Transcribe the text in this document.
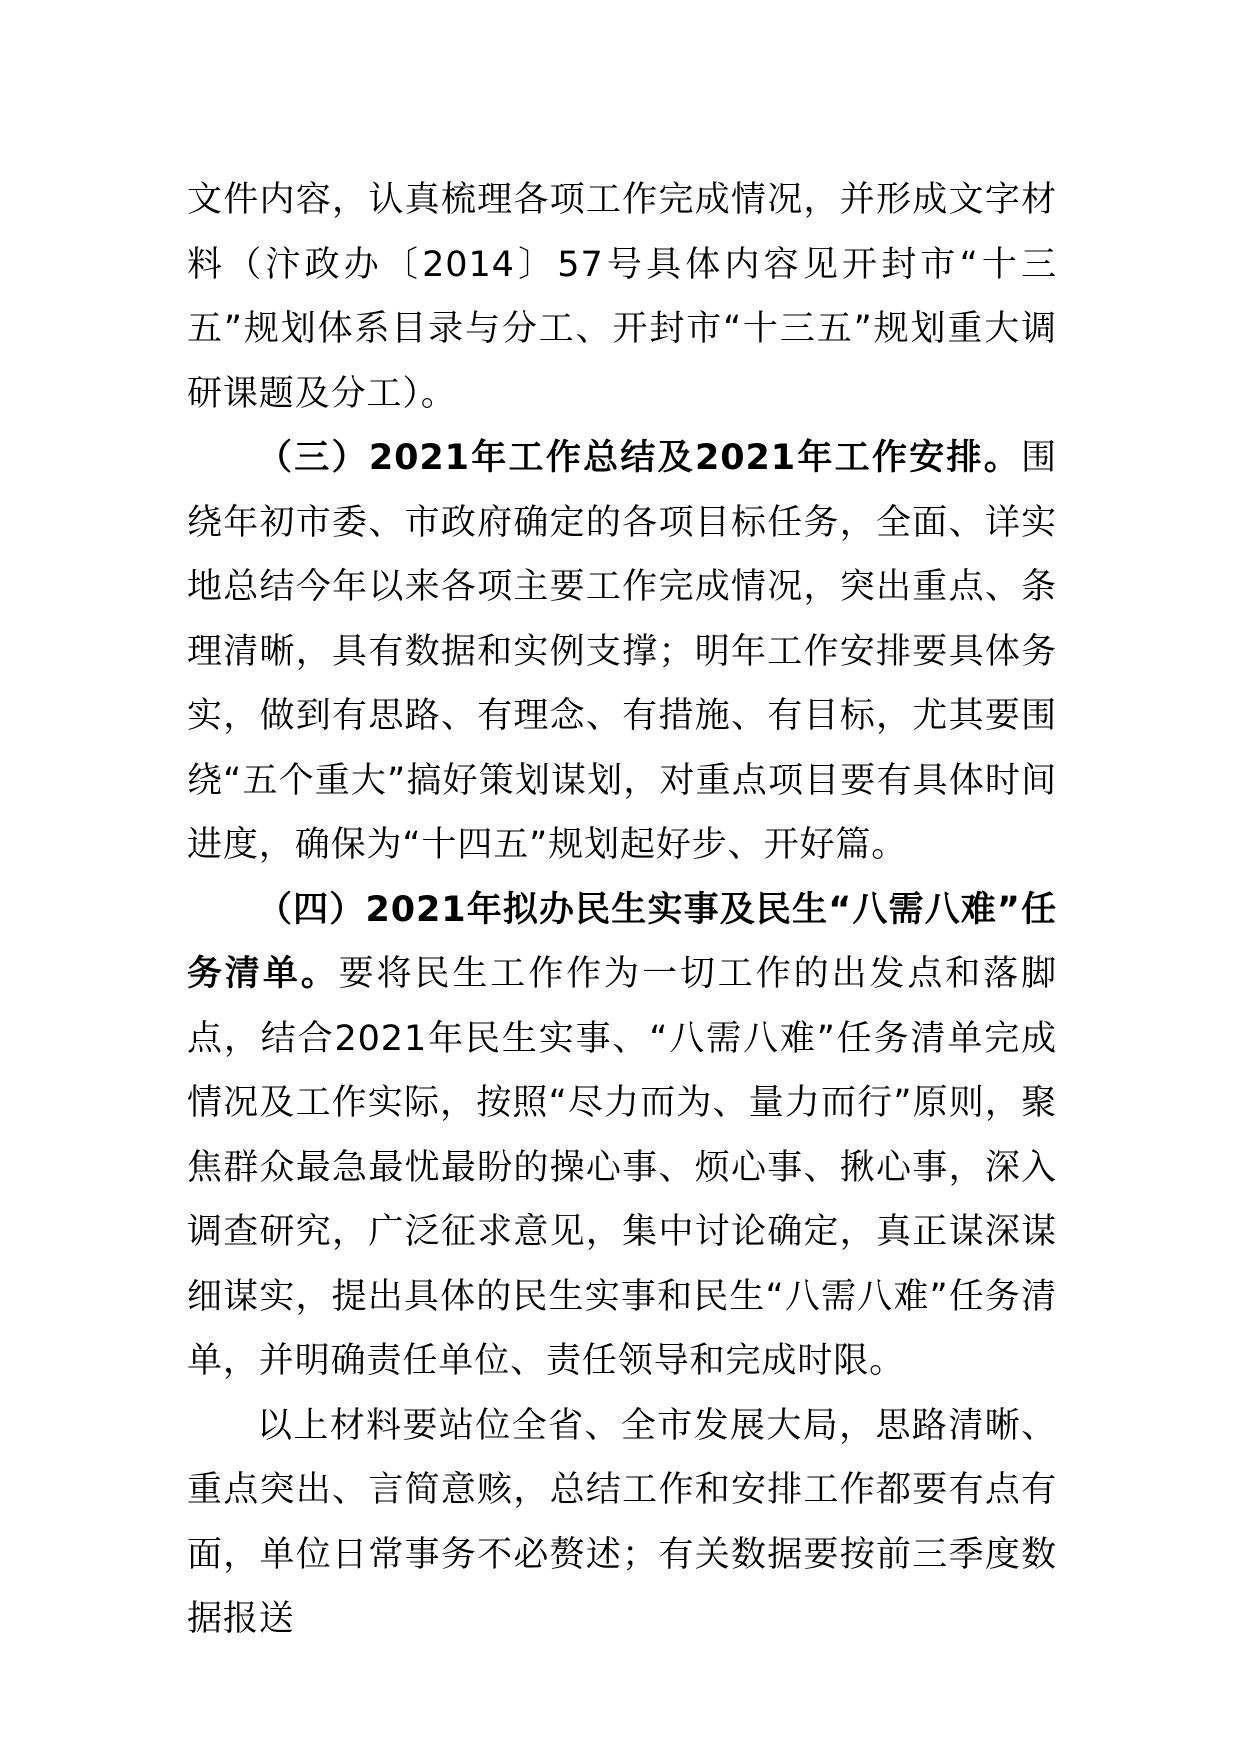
文件内容，认真梳理各项工作完成情况，并形成文字材料（汴政办〔2014〕57号具体内容见开封市“十三五”规划体系目录与分工、开封市“十三五”规划重大调研课题及分工）。

（三）2021年工作总结及2021年工作安排。围绕年初市委、市政府确定的各项目标任务，全面、详实地总结今年以来各项主要工作完成情况，突出重点、条理清晰，具有数据和实例支撑；明年工作安排要具体务实，做到有思路、有理念、有措施、有目标，尤其要围绕“五个重大”搞好策划谋划，对重点项目要有具体时间进度，确保为“十四五”规划起好步、开好篇。

（四）2021年拟办民生实事及民生“八需八难”任务清单。要将民生工作作为一切工作的出发点和落脚点，结合2021年民生实事、“八需八难”任务清单完成情况及工作实际，按照“尽力而为、量力而行”原则，聚焦群众最急最忧最盼的操心事、烦心事、揪心事，深入调查研究，广泛征求意见，集中讨论确定，真正谋深谋细谋实，提出具体的民生实事和民生“八需八难”任务清单，并明确责任单位、责任领导和完成时限。

以上材料要站位全省、全市发展大局，思路清晰、重点突出、言简意赅，总结工作和安排工作都要有点有面，单位日常事务不必赘述；有关数据要按前三季度数据报送
